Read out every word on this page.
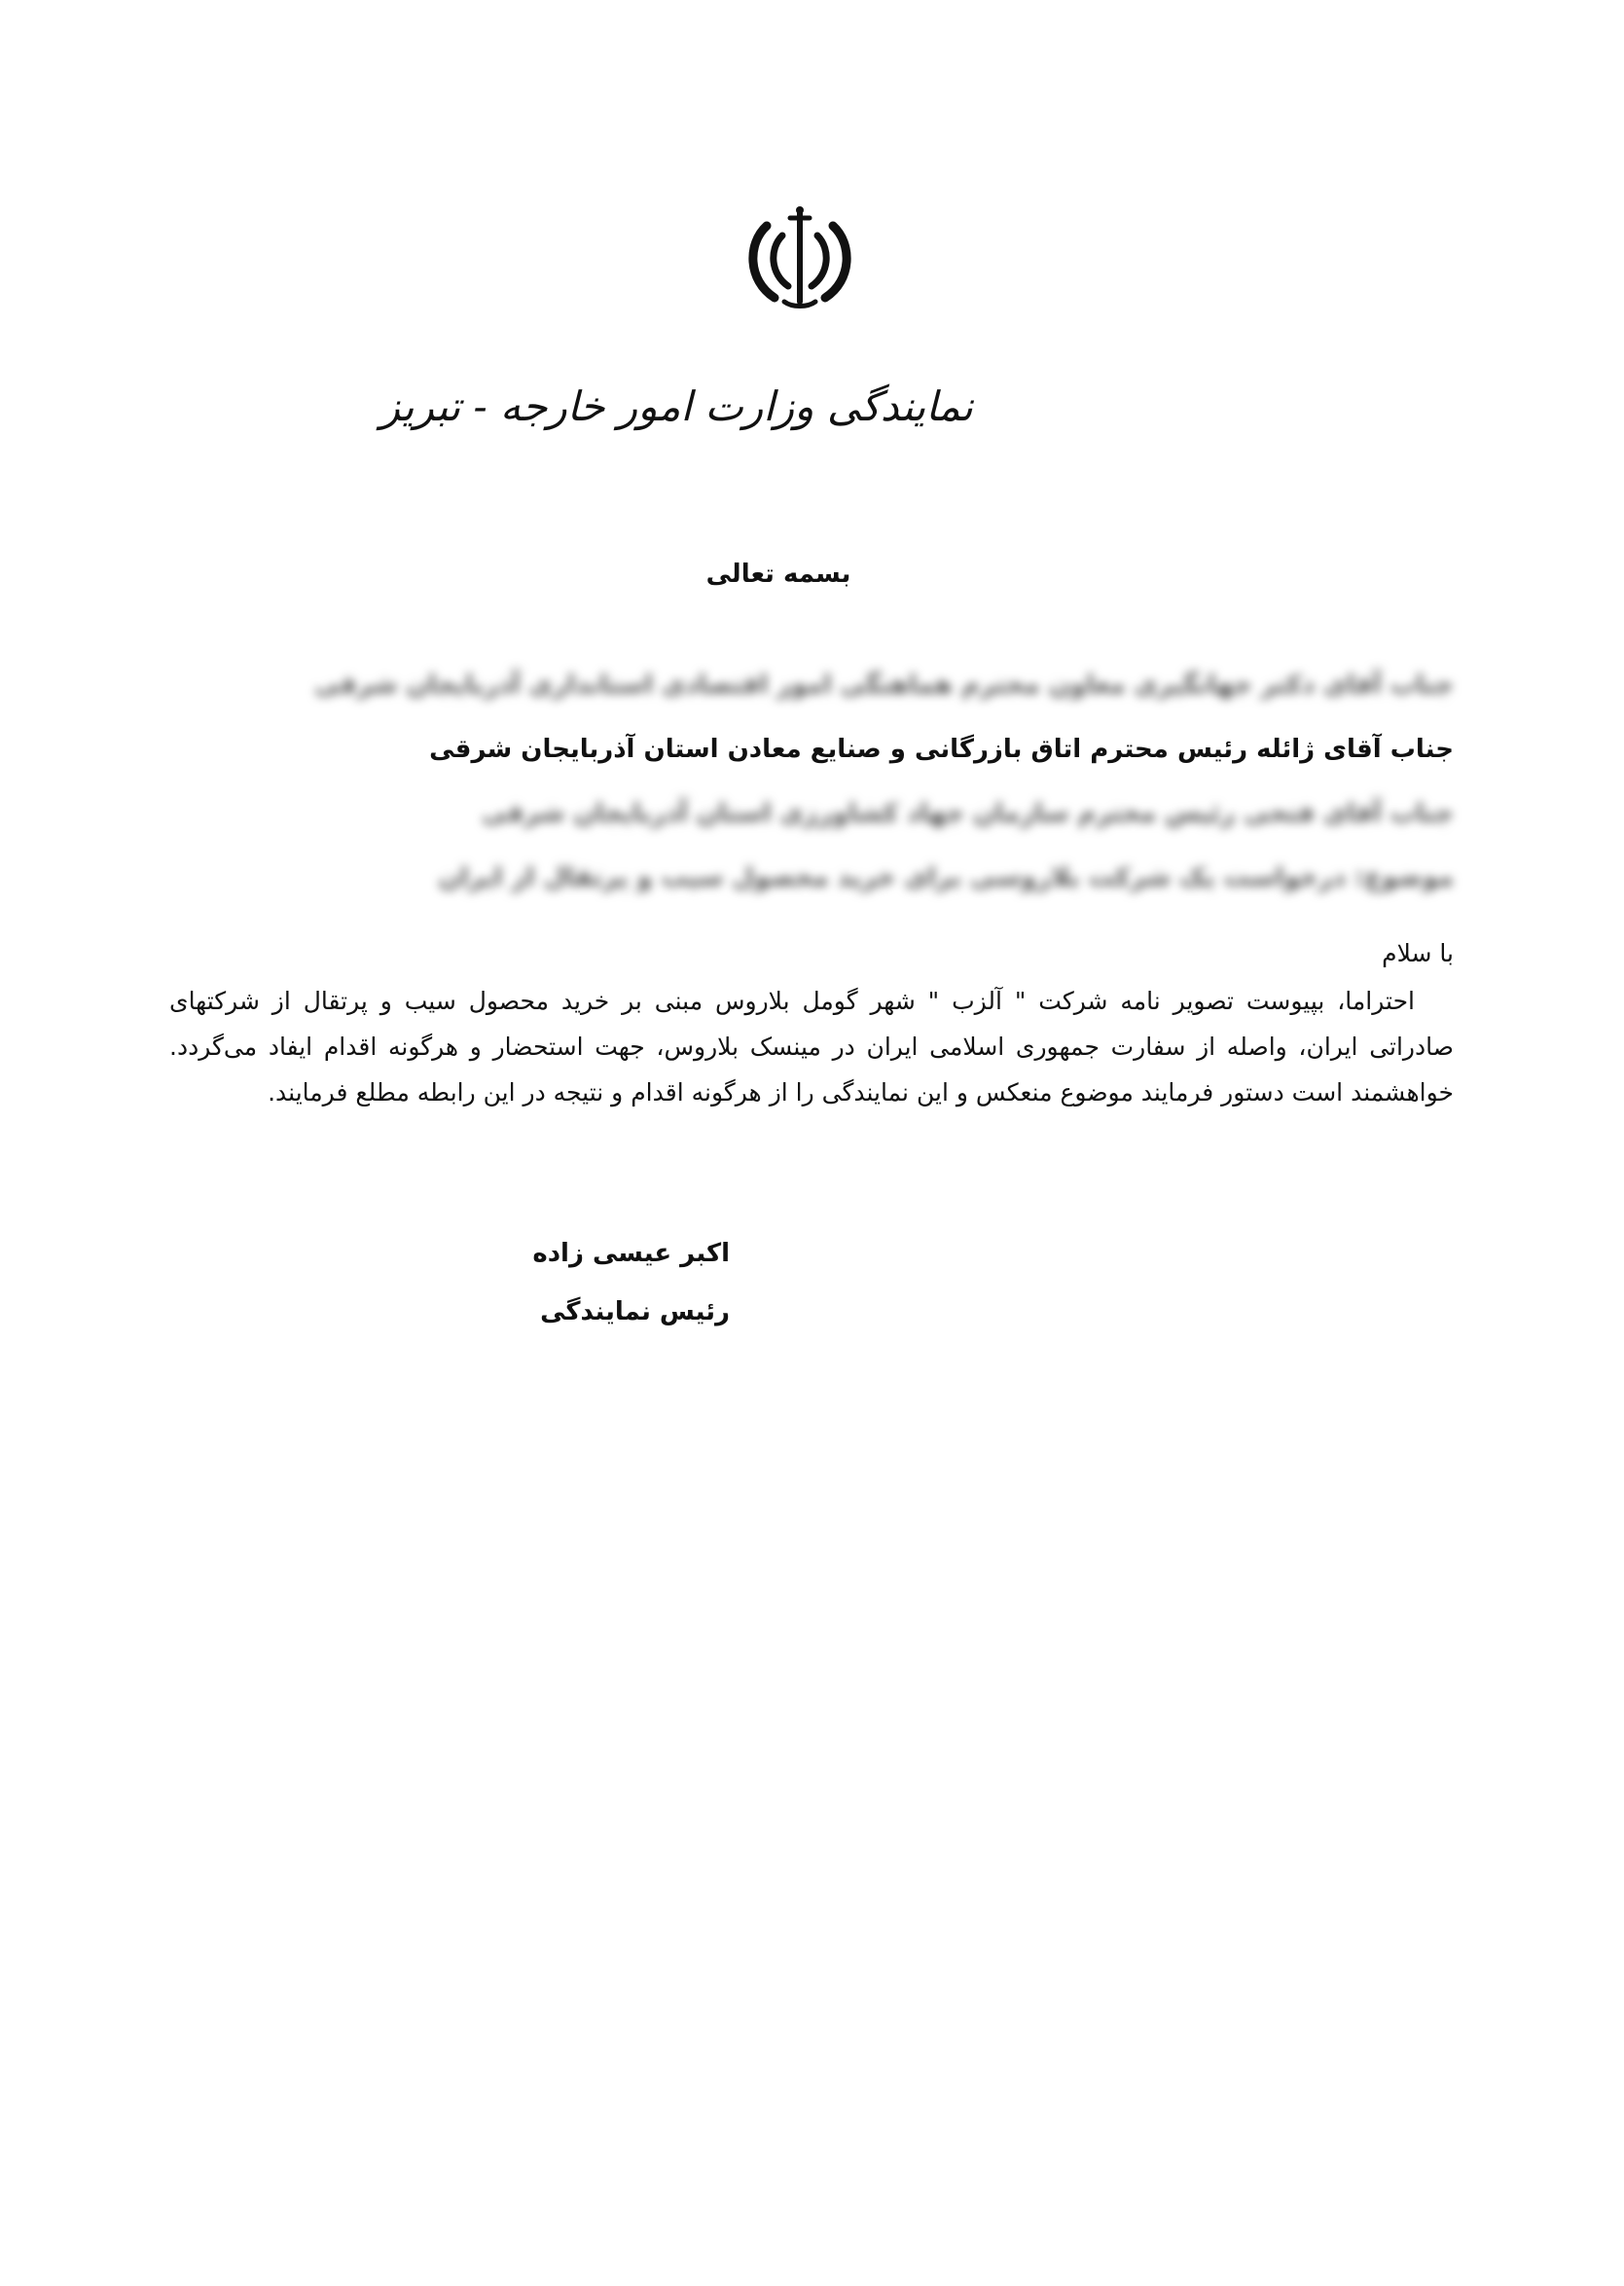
نمایندگی وزارت امور خارجه - تبریز
بسمه تعالی
جناب آقای دکتر جهانگیری معاون محترم هماهنگی امور اقتصادی استانداری آذربایجان شرقی
جناب آقای ژائله رئیس محترم اتاق بازرگانی و صنایع معادن استان آذربایجان شرقی
جناب آقای فتحی رئیس محترم سازمان جهاد کشاورزی استان آذربایجان شرقی
موضوع: درخواست یک شرکت بلاروسی برای خرید محصول سیب و پرتقال از ایران
با سلام

احتراما، بپیوست تصویر نامه شرکت " آلزب " شهر گومل بلاروس مبنی بر خرید محصول سیب و پرتقال از شرکتهای صادراتی ایران، واصله از سفارت جمهوری اسلامی ایران در مینسک بلاروس، جهت استحضار و هرگونه اقدام ایفاد می‌گردد. خواهشمند است دستور فرمایند موضوع منعکس و این نمایندگی را از هرگونه اقدام و نتیجه در این رابطه مطلع فرمایند.

اکبر عیسی زاده
رئیس نمایندگی
